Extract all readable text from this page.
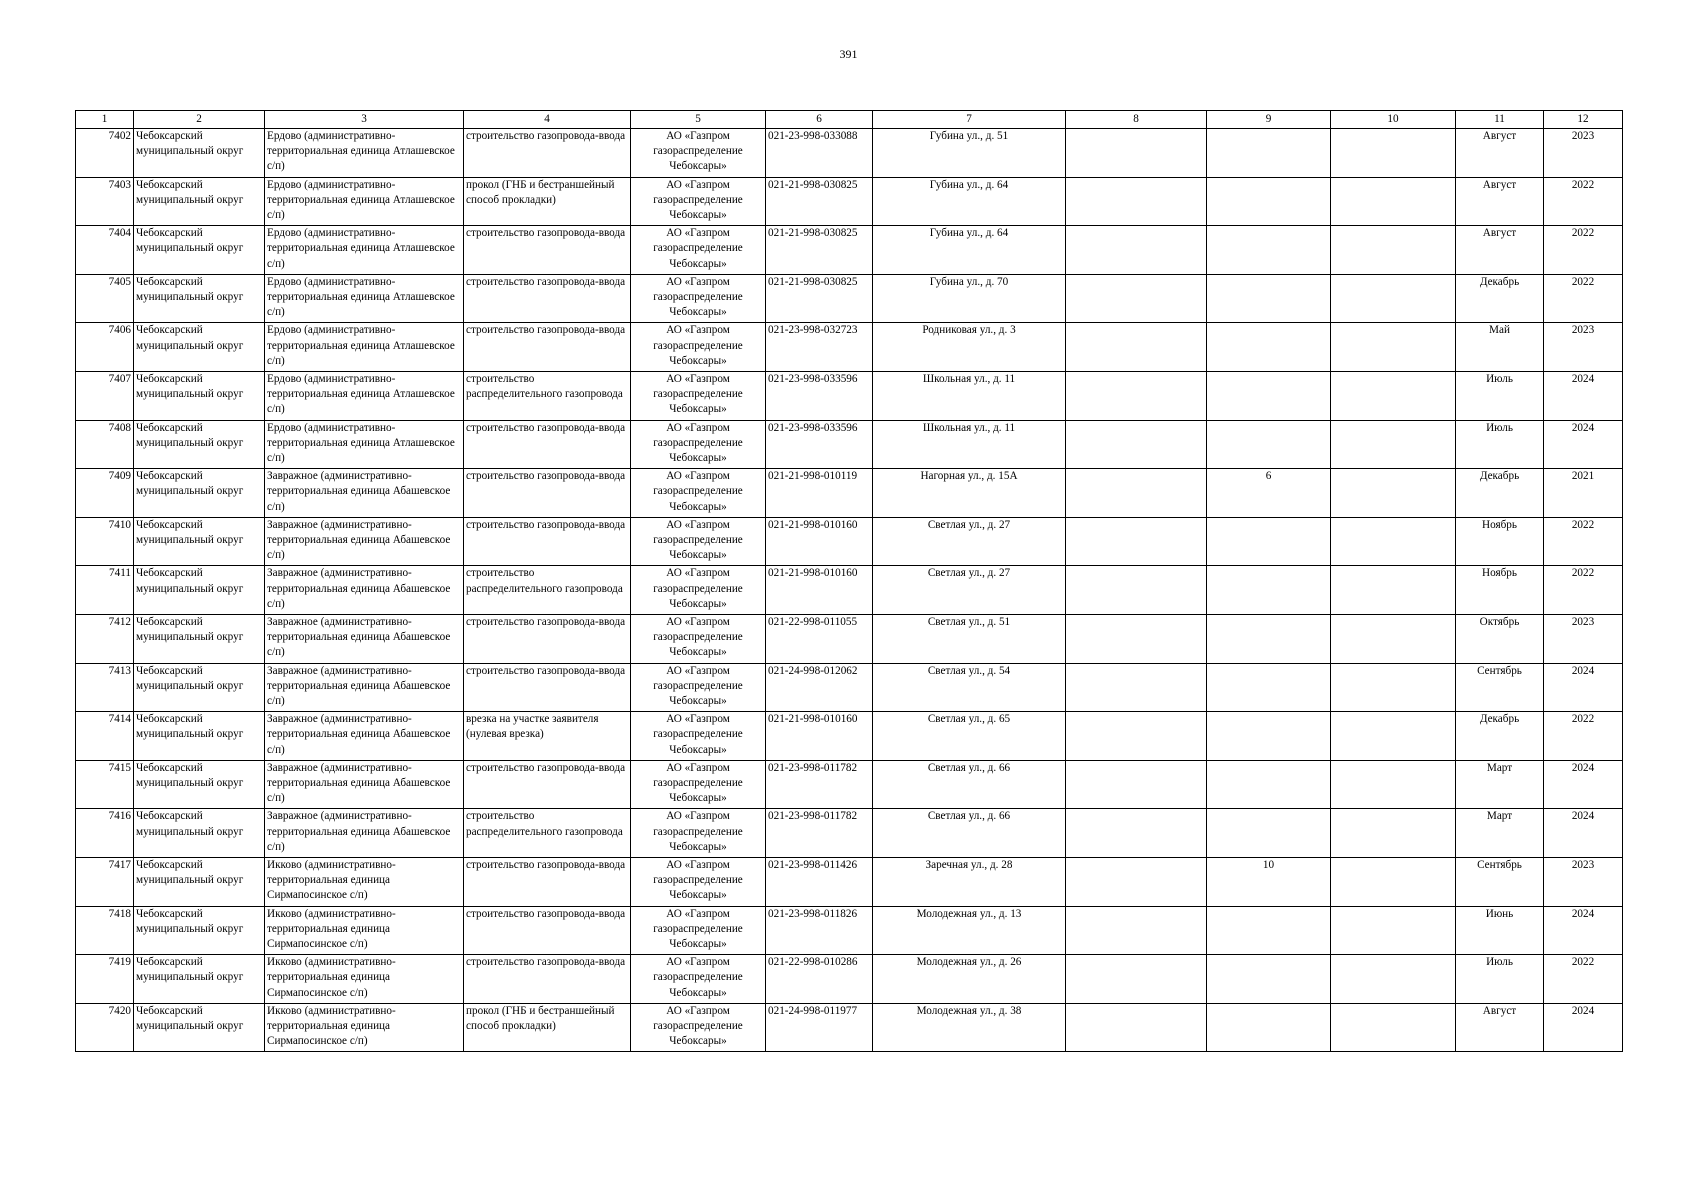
391
1	2	3	4	5	6	7	8	9	10	11	12
7402	Чебоксарский муниципальный округ	Ердово (административно-территориальная единица Атлашевское с/п)	строительство газопровода-ввода	АО «Газпром газораспределение Чебоксары»	021-23-998-033088	Губина ул., д. 51				Август	2023
7403	Чебоксарский муниципальный округ	Ердово (административно-территориальная единица Атлашевское с/п)	прокол (ГНБ и бестраншейный способ прокладки)	АО «Газпром газораспределение Чебоксары»	021-21-998-030825	Губина ул., д. 64				Август	2022
7404	Чебоксарский муниципальный округ	Ердово (административно-территориальная единица Атлашевское с/п)	строительство газопровода-ввода	АО «Газпром газораспределение Чебоксары»	021-21-998-030825	Губина ул., д. 64				Август	2022
7405	Чебоксарский муниципальный округ	Ердово (административно-территориальная единица Атлашевское с/п)	строительство газопровода-ввода	АО «Газпром газораспределение Чебоксары»	021-21-998-030825	Губина ул., д. 70				Декабрь	2022
7406	Чебоксарский муниципальный округ	Ердово (административно-территориальная единица Атлашевское с/п)	строительство газопровода-ввода	АО «Газпром газораспределение Чебоксары»	021-23-998-032723	Родниковая ул., д. 3				Май	2023
7407	Чебоксарский муниципальный округ	Ердово (административно-территориальная единица Атлашевское с/п)	строительство распределительного газопровода	АО «Газпром газораспределение Чебоксары»	021-23-998-033596	Школьная ул., д. 11				Июль	2024
7408	Чебоксарский муниципальный округ	Ердово (административно-территориальная единица Атлашевское с/п)	строительство газопровода-ввода	АО «Газпром газораспределение Чебоксары»	021-23-998-033596	Школьная ул., д. 11				Июль	2024
7409	Чебоксарский муниципальный округ	Завражное (административно-территориальная единица Абашевское с/п)	строительство газопровода-ввода	АО «Газпром газораспределение Чебоксары»	021-21-998-010119	Нагорная ул., д. 15А		6		Декабрь	2021
7410	Чебоксарский муниципальный округ	Завражное (административно-территориальная единица Абашевское с/п)	строительство газопровода-ввода	АО «Газпром газораспределение Чебоксары»	021-21-998-010160	Светлая ул., д. 27				Ноябрь	2022
7411	Чебоксарский муниципальный округ	Завражное (административно-территориальная единица Абашевское с/п)	строительство распределительного газопровода	АО «Газпром газораспределение Чебоксары»	021-21-998-010160	Светлая ул., д. 27				Ноябрь	2022
7412	Чебоксарский муниципальный округ	Завражное (административно-территориальная единица Абашевское с/п)	строительство газопровода-ввода	АО «Газпром газораспределение Чебоксары»	021-22-998-011055	Светлая ул., д. 51				Октябрь	2023
7413	Чебоксарский муниципальный округ	Завражное (административно-территориальная единица Абашевское с/п)	строительство газопровода-ввода	АО «Газпром газораспределение Чебоксары»	021-24-998-012062	Светлая ул., д. 54				Сентябрь	2024
7414	Чебоксарский муниципальный округ	Завражное (административно-территориальная единица Абашевское с/п)	врезка на участке заявителя (нулевая врезка)	АО «Газпром газораспределение Чебоксары»	021-21-998-010160	Светлая ул., д. 65				Декабрь	2022
7415	Чебоксарский муниципальный округ	Завражное (административно-территориальная единица Абашевское с/п)	строительство газопровода-ввода	АО «Газпром газораспределение Чебоксары»	021-23-998-011782	Светлая ул., д. 66				Март	2024
7416	Чебоксарский муниципальный округ	Завражное (административно-территориальная единица Абашевское с/п)	строительство распределительного газопровода	АО «Газпром газораспределение Чебоксары»	021-23-998-011782	Светлая ул., д. 66				Март	2024
7417	Чебоксарский муниципальный округ	Икково (административно-территориальная единица Сирмапосинское с/п)	строительство газопровода-ввода	АО «Газпром газораспределение Чебоксары»	021-23-998-011426	Заречная ул., д. 28		10		Сентябрь	2023
7418	Чебоксарский муниципальный округ	Икково (административно-территориальная единица Сирмапосинское с/п)	строительство газопровода-ввода	АО «Газпром газораспределение Чебоксары»	021-23-998-011826	Молодежная ул., д. 13				Июнь	2024
7419	Чебоксарский муниципальный округ	Икково (административно-территориальная единица Сирмапосинское с/п)	строительство газопровода-ввода	АО «Газпром газораспределение Чебоксары»	021-22-998-010286	Молодежная ул., д. 26				Июль	2022
7420	Чебоксарский муниципальный округ	Икково (административно-территориальная единица Сирмапосинское с/п)	прокол (ГНБ и бестраншейный способ прокладки)	АО «Газпром газораспределение Чебоксары»	021-24-998-011977	Молодежная ул., д. 38				Август	2024
